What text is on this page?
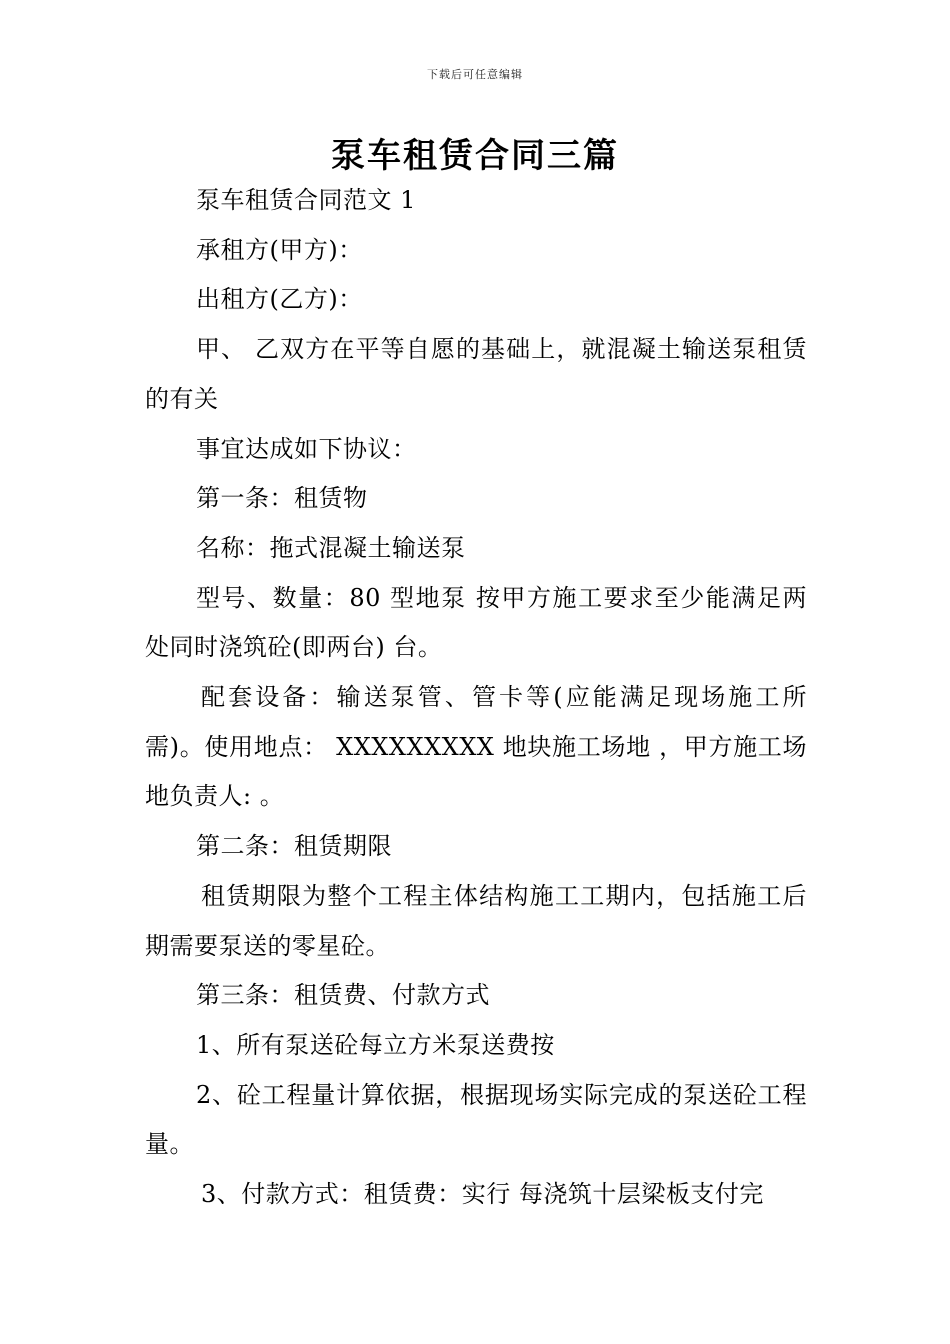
下载后可任意编辑
泵车租赁合同三篇

泵车租赁合同范文 1

承租方(甲方)：

出租方(乙方)：

甲、 乙双方在平等自愿的基础上，就混凝土输送泵租赁的有关

事宜达成如下协议：

第一条：租赁物

名称：拖式混凝土输送泵

型号、数量：80 型地泵 按甲方施工要求至少能满足两处同时浇筑砼(即两台) 台。

配套设备：输送泵管、管卡等(应能满足现场施工所需)。使用地点： XXXXXXXXX 地块施工场地 ，甲方施工场地负责人: 。

第二条：租赁期限

租赁期限为整个工程主体结构施工工期内，包括施工后期需要泵送的零星砼。

第三条：租赁费、付款方式

1、所有泵送砼每立方米泵送费按

2、砼工程量计算依据，根据现场实际完成的泵送砼工程量。

3、付款方式：租赁费：实行 每浇筑十层梁板支付完
